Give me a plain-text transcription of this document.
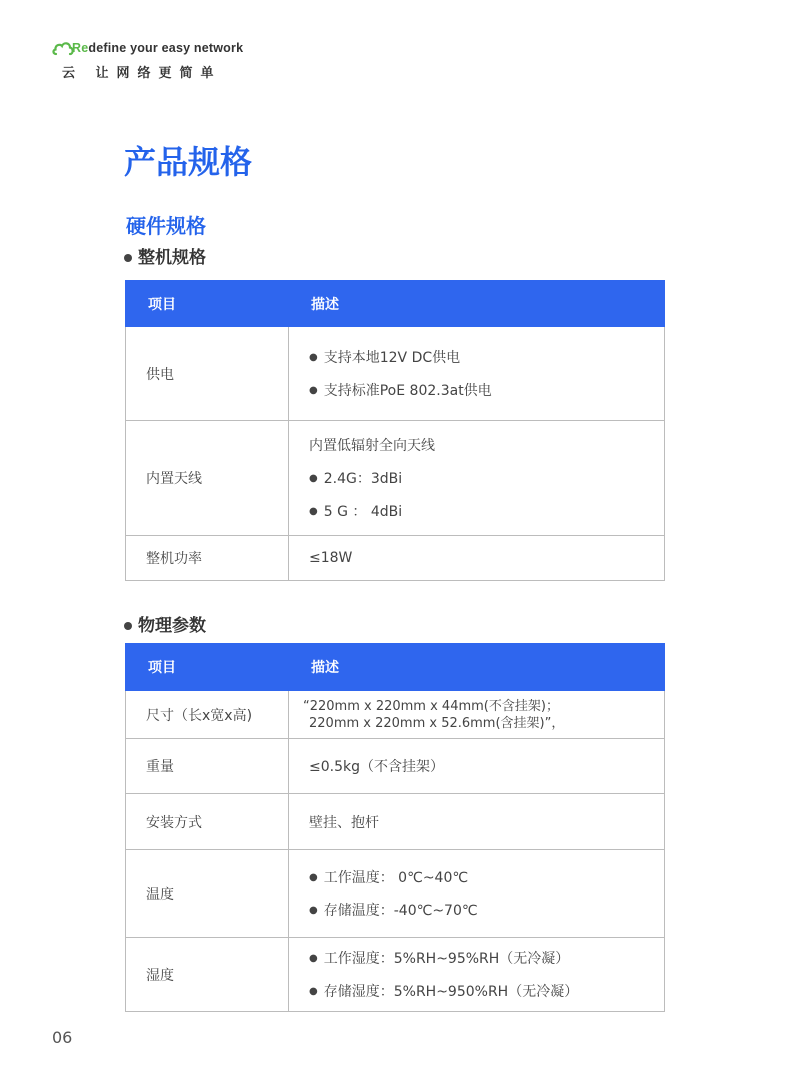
Redefine your easy network
云 让网络更简单
产品规格
硬件规格
整机规格
项目	描述
供电	● 支持本地12V DC供电
● 支持标准PoE 802.3at供电

内置天线	内置低辐射全向天线
● 2.4G：3dBi
● 5 G ： 4dBi

整机功率	≤18W
物理参数
项目	描述
尺寸（长x宽x高)	“220mm x 220mm x 44mm(不含挂架)；
220mm x 220mm x 52.6mm(含挂架)”，

重量	≤0.5kg（不含挂架）
安装方式	壁挂、抱杆
温度	● 工作温度： 0℃~40℃
● 存储温度：-40℃~70℃

湿度	● 工作湿度：5%RH~95%RH（无冷凝）
● 存储湿度：5%RH~950%RH（无冷凝）
06
